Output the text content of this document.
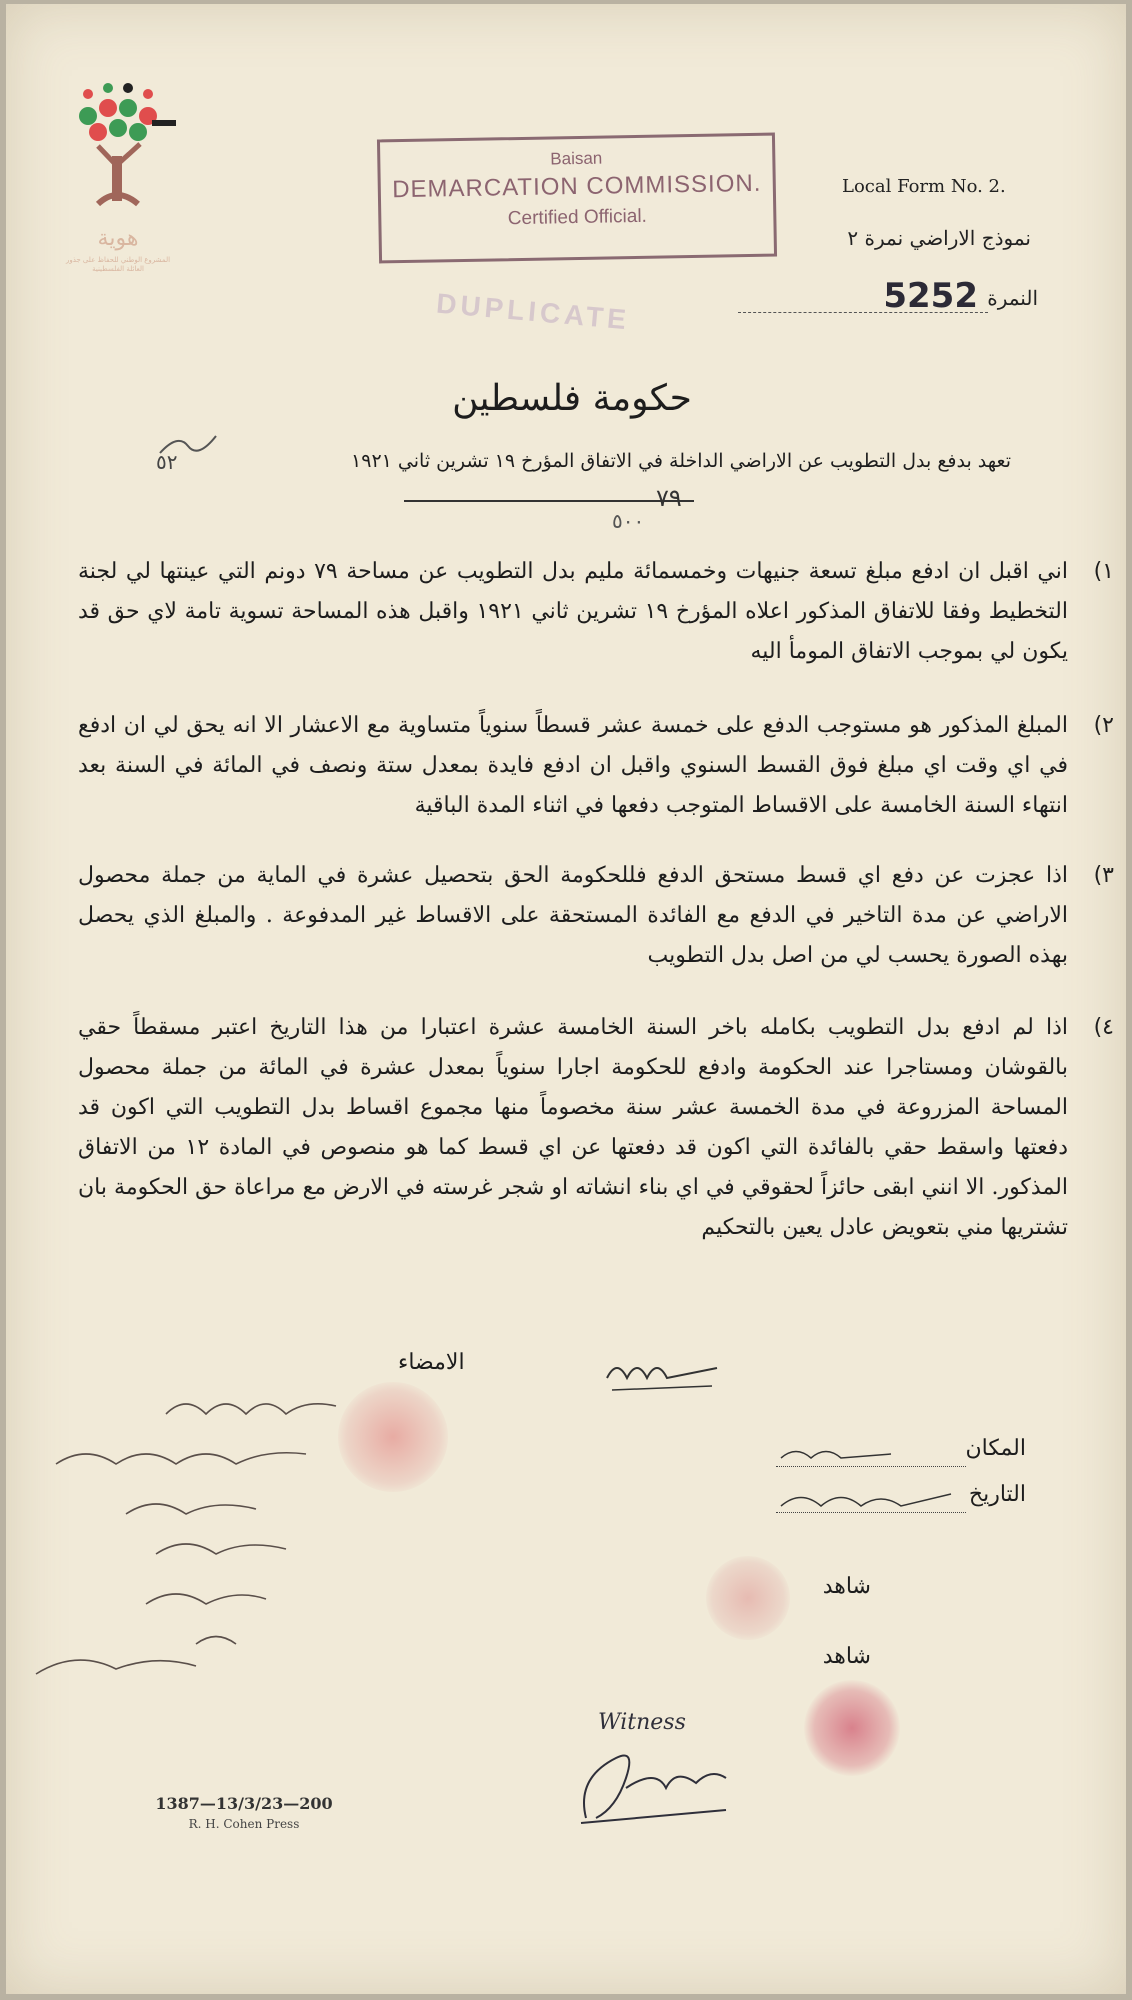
هوية
المشروع الوطني للحفاظ على جذور العائلة الفلسطينية
Baisan
DEMARCATION COMMISSION.
Certified Official.
Local Form No. 2.
نموذج الاراضي نمرة ٢
النمرة
5252
DUPLICATE
حكومة فلسطين
٥٢	تعهد بدفع بدل التطويب عن الاراضي الداخلة في الاتفاق المؤرخ ١٩ تشرين ثاني ١٩٢١
٧٩
٥٠٠
١)

اني اقبل ان ادفع مبلغ تسعة جنيهات وخمسمائة مليم بدل التطويب عن مساحة ٧٩ دونم التي عينتها لي لجنة التخطيط وفقا للاتفاق المذكور اعلاه المؤرخ ١٩ تشرين ثاني ١٩٢١ واقبل هذه المساحة تسوية تامة لاي حق قد يكون لي بموجب الاتفاق المومأ اليه

٢)

المبلغ المذكور هو مستوجب الدفع على خمسة عشر قسطاً سنوياً متساوية مع الاعشار الا انه يحق لي ان ادفع في اي وقت اي مبلغ فوق القسط السنوي واقبل ان ادفع فايدة بمعدل ستة ونصف في المائة في السنة بعد انتهاء السنة الخامسة على الاقساط المتوجب دفعها في اثناء المدة الباقية

٣)

اذا عجزت عن دفع اي قسط مستحق الدفع فللحكومة الحق بتحصيل عشرة في الماية من جملة محصول الاراضي عن مدة التاخير في الدفع مع الفائدة المستحقة على الاقساط غير المدفوعة . والمبلغ الذي يحصل بهذه الصورة يحسب لي من اصل بدل التطويب

٤)

اذا لم ادفع بدل التطويب بكامله باخر السنة الخامسة عشرة اعتبارا من هذا التاريخ اعتبر مسقطاً حقي بالقوشان ومستاجرا عند الحكومة وادفع للحكومة اجارا سنوياً بمعدل عشرة في المائة من جملة محصول المساحة المزروعة في مدة الخمسة عشر سنة مخصوماً منها مجموع اقساط بدل التطويب التي اكون قد دفعتها واسقط حقي بالفائدة التي اكون قد دفعتها عن اي قسط كما هو منصوص في المادة ١٢ من الاتفاق المذكور. الا انني ابقى حائزاً لحقوقي في اي بناء انشاته او شجر غرسته في الارض مع مراعاة حق الحكومة بان تشتريها مني بتعويض عادل يعين بالتحكيم

الامضاء
المكان
التاريخ
شاهد
شاهد
Witness
1387—13/3/23—200
R. H. Cohen Press
